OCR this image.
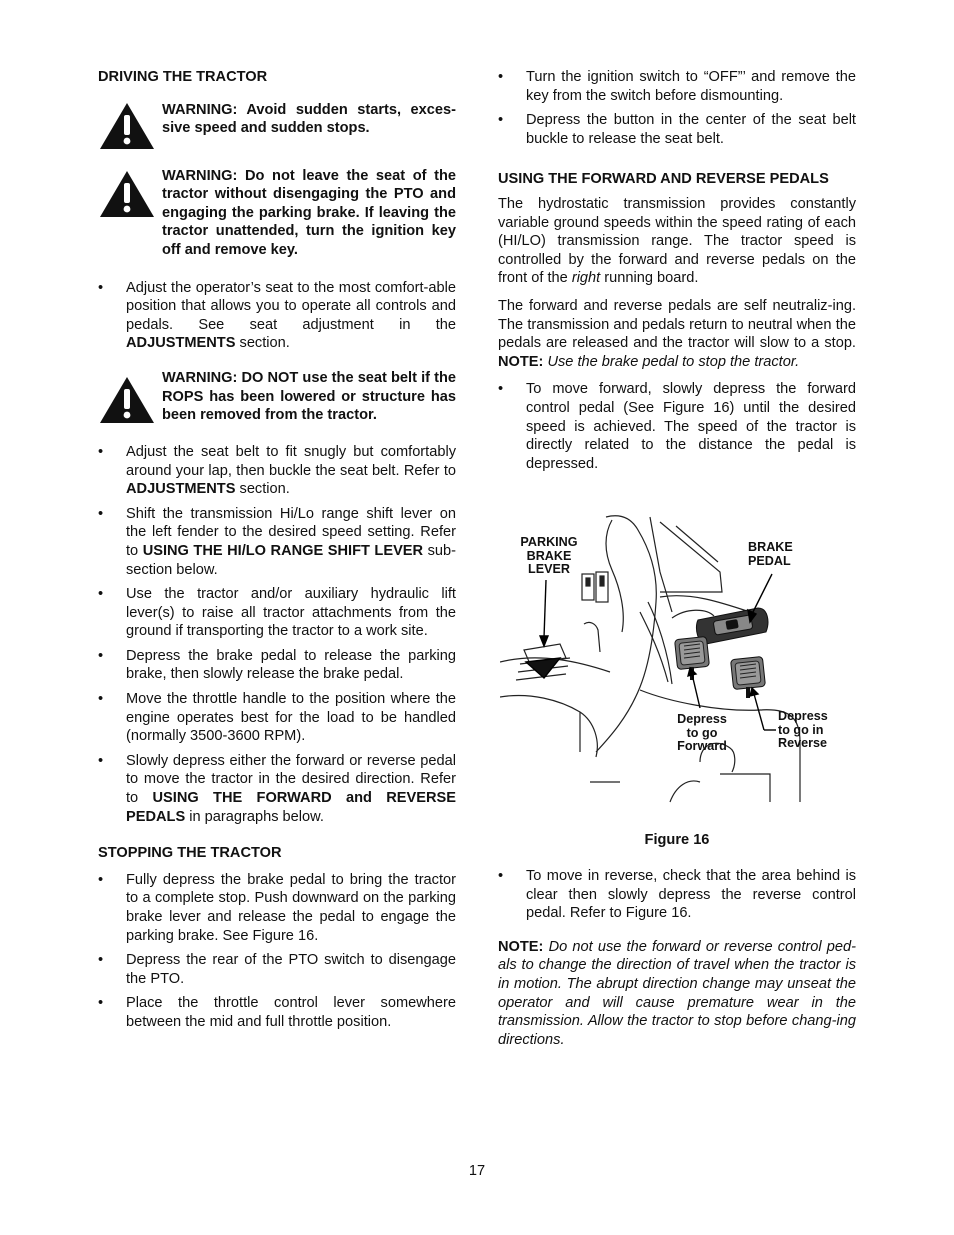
DRIVING THE TRACTOR

WARNING: Avoid sudden starts, exces-sive speed and sudden stops.
WARNING: Do not leave the seat of the tractor without disengaging the PTO and engaging the parking brake. If leaving the tractor unattended, turn the ignition key off and remove key.
• Adjust the operator’s seat to the most comfort-able position that allows you to operate all controls and pedals. See seat adjustment in the ADJUSTMENTS section.
WARNING: DO NOT use the seat belt if the ROPS has been lowered or structure has been removed from the tractor.
• Adjust the seat belt to fit snugly but comfortably around your lap, then buckle the seat belt. Refer to ADJUSTMENTS section.
• Shift the transmission Hi/Lo range shift lever on the left fender to the desired speed setting. Refer to USING THE HI/LO RANGE SHIFT LEVER sub-section below.
• Use the tractor and/or auxiliary hydraulic lift lever(s) to raise all tractor attachments from the ground if transporting the tractor to a work site.
• Depress the brake pedal to release the parking brake, then slowly release the brake pedal.
• Move the throttle handle to the position where the engine operates best for the load to be handled (normally 3500-3600 RPM).
• Slowly depress either the forward or reverse pedal to move the tractor in the desired direction. Refer to USING THE FORWARD and REVERSE PEDALS in paragraphs below.

STOPPING THE TRACTOR

• Fully depress the brake pedal to bring the tractor to a complete stop. Push downward on the parking brake lever and release the pedal to engage the parking brake. See Figure 16.
• Depress the rear of the PTO switch to disengage the PTO.
• Place the throttle control lever somewhere between the mid and full throttle position.
• Turn the ignition switch to “OFF”’ and remove the key from the switch before dismounting.
• Depress the button in the center of the seat belt buckle to release the seat belt.

USING THE FORWARD AND REVERSE PEDALS

The hydrostatic transmission provides constantly variable ground speeds within the speed rating of each (HI/LO) transmission range. The tractor speed is controlled by the forward and reverse pedals on the front of the right running board.

The forward and reverse pedals are self neutraliz-ing. The transmission and pedals return to neutral when the pedals are released and the tractor will slow to a stop. NOTE: Use the brake pedal to stop the tractor.

• To move forward, slowly depress the forward control pedal (See Figure 16) until the desired speed is achieved. The speed of the tractor is directly related to the distance the pedal is depressed.
PARKING
BRAKE
LEVER
BRAKE
PEDAL
Depress
to go
Forward
Depress
to go in
Reverse
Figure 16
• To move in reverse, check that the area behind is clear then slowly depress the reverse control pedal. Refer to Figure 16.

NOTE: Do not use the forward or reverse control ped-als to change the direction of travel when the tractor is in motion. The abrupt direction change may unseat the operator and will cause premature wear in the transmission. Allow the tractor to stop before chang-ing directions.

17
